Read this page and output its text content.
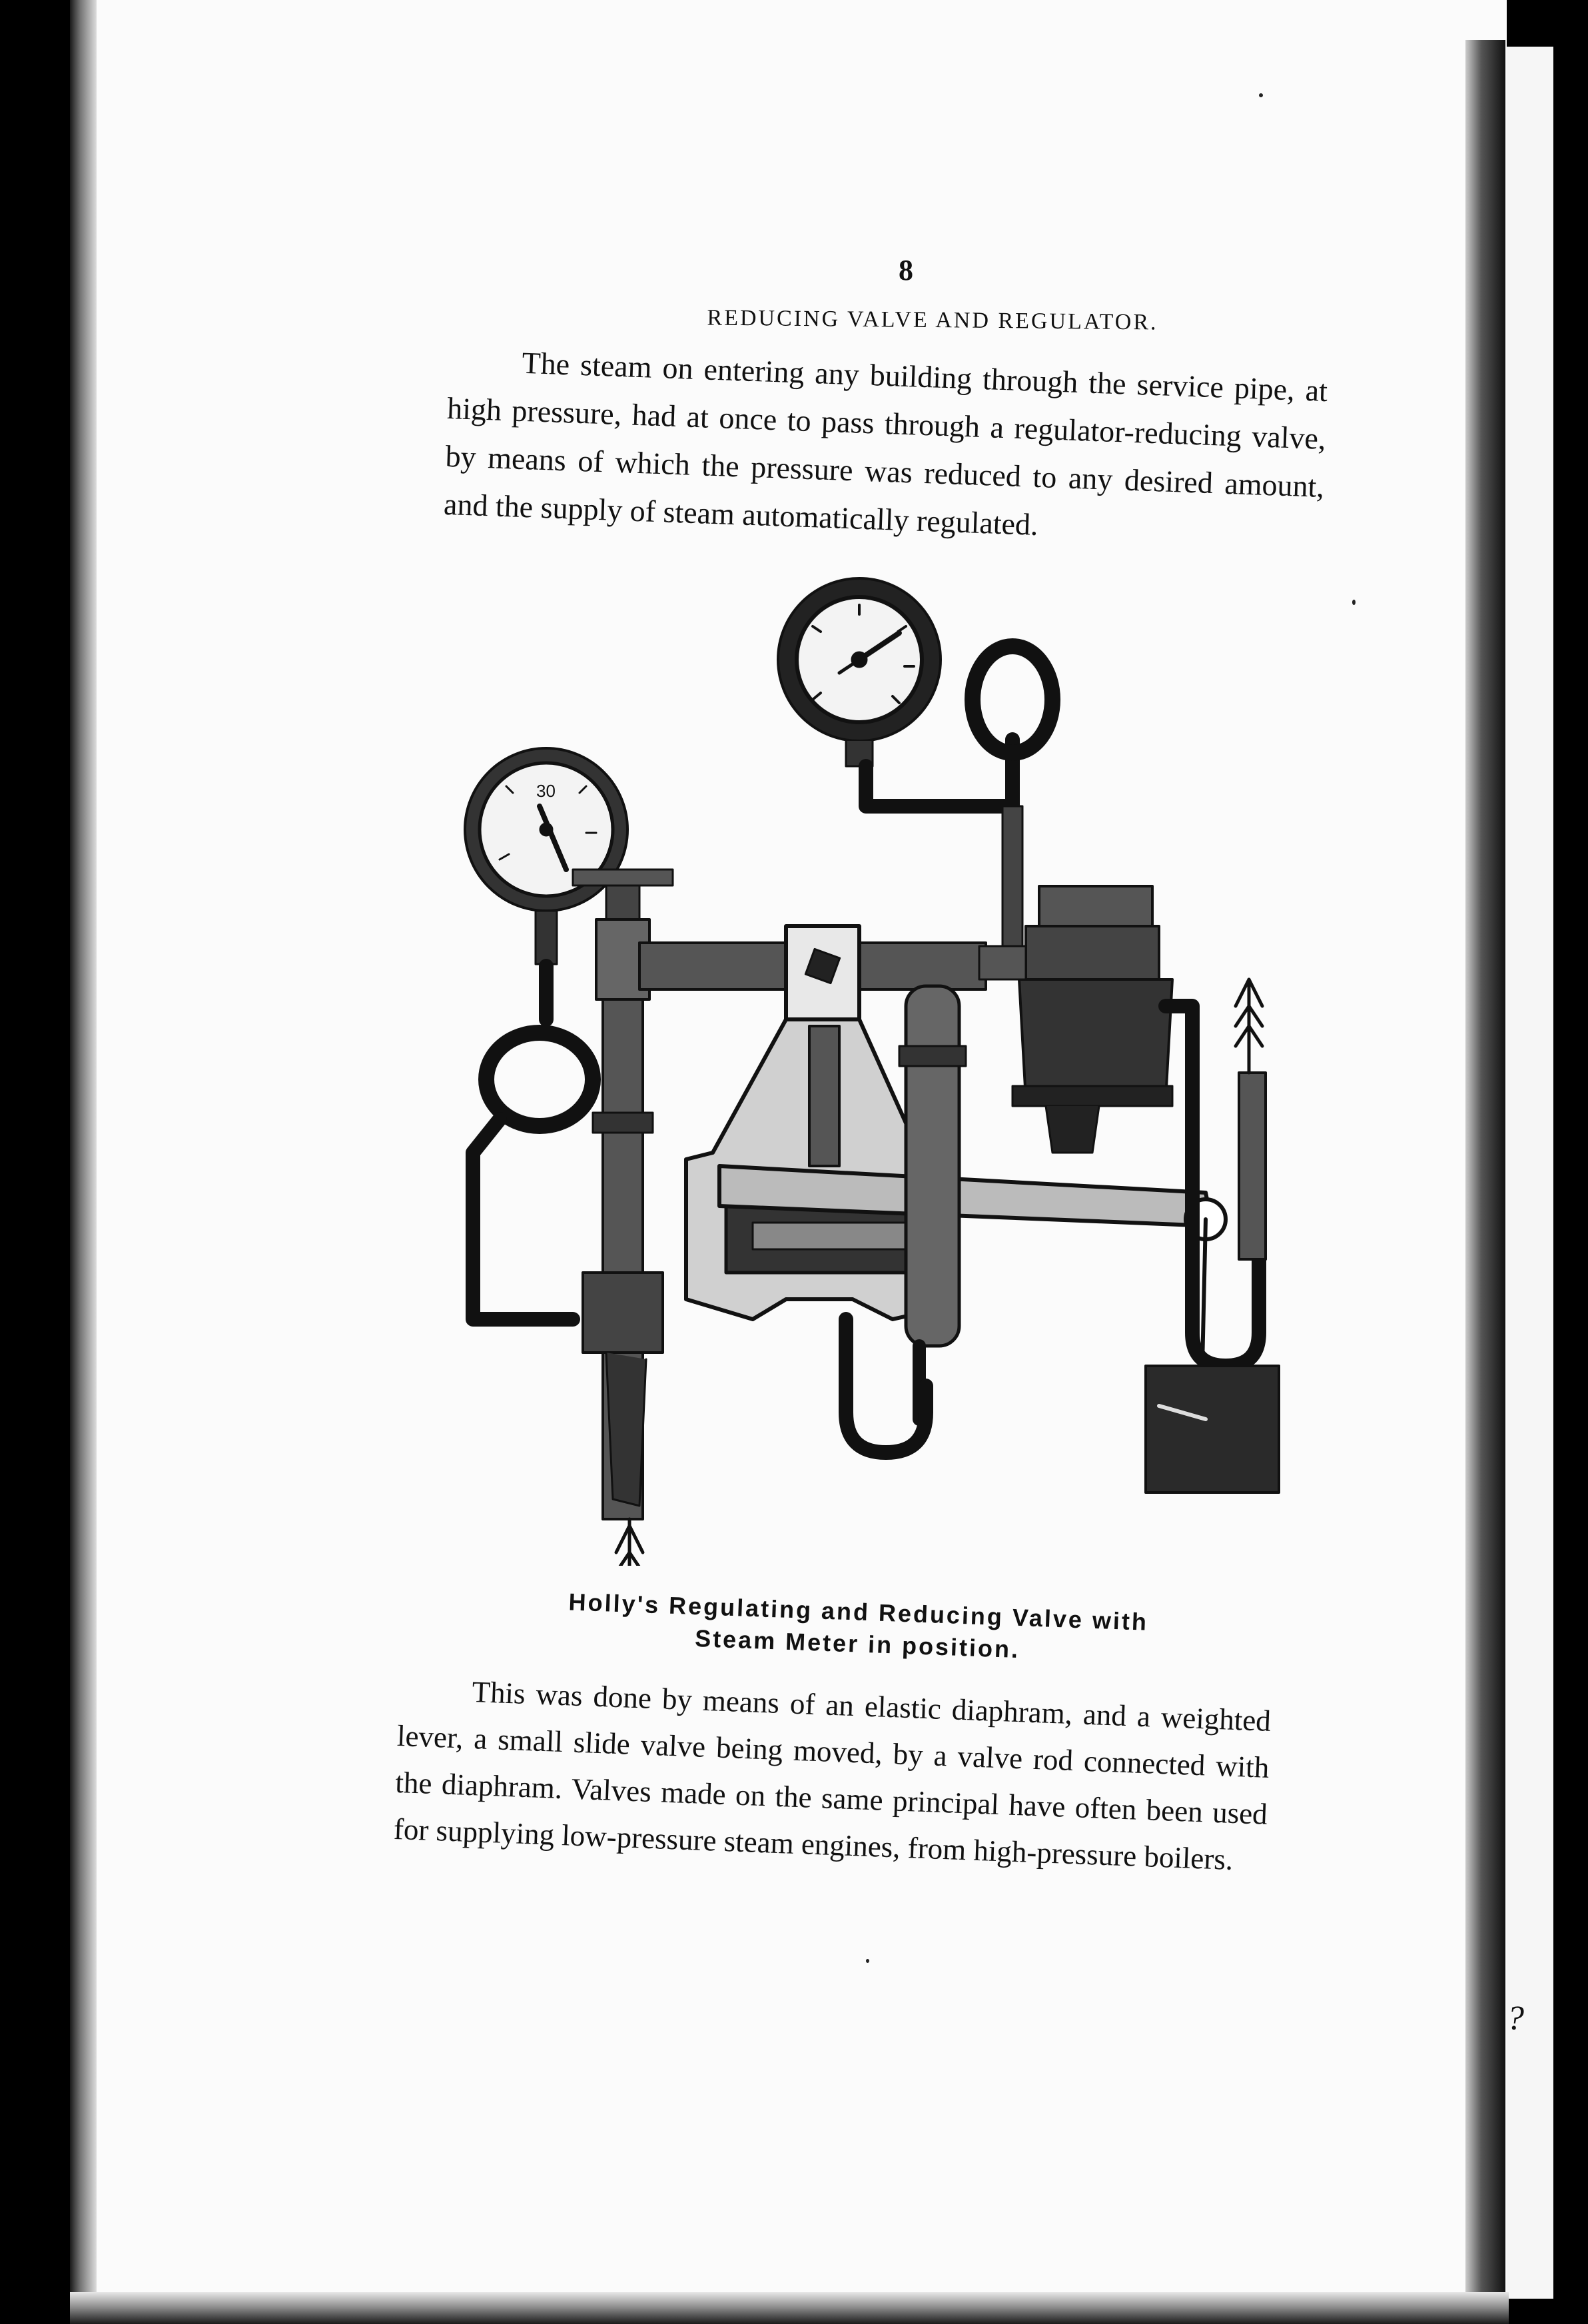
?
8
REDUCING VALVE AND REGULATOR.
The steam on entering any building through the service pipe, at high pressure, had at once to pass through a regulator-reducing valve, by means of which the pressure was reduced to any desired amount, and the supply of steam automatically regulated.
30
Holly's Regulating and Reducing Valve with
Steam Meter in position.
This was done by means of an elastic diaphram, and a weighted lever, a small slide valve being moved, by a valve rod connected with the diaphram. Valves made on the same principal have often been used for supplying low-pressure steam engines, from high-pressure boilers.
